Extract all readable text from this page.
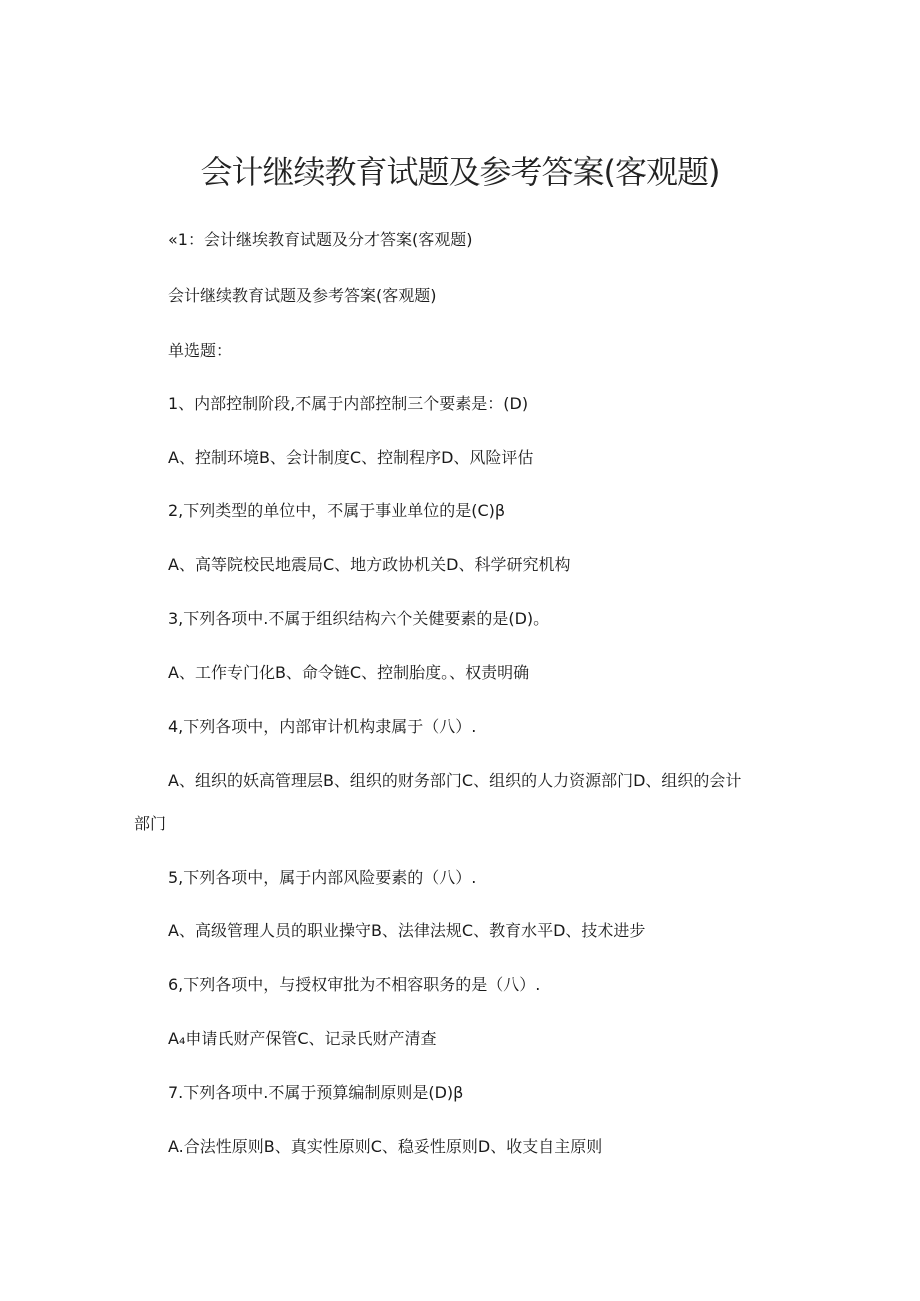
会计继续教育试题及参考答案(客观题)
«1：会计继埃教育试题及分才答案(客观题)
会计继续教育试题及参考答案(客观题)
单选题：
1、内部控制阶段,不属于内部控制三个要素是：(D)
A、控制环境B、会计制度C、控制程序D、风险评估
2,下列类型的单位中，不属于事业单位的是(C)β
A、高等院校民地震局C、地方政协机关D、科学研究机构
3,下列各项中.不属于组织结构六个关健要素的是(D)。
A、工作专门化B、命令链C、控制胎度。、权责明确
4,下列各项中，内部审计机构隶属于（八）.
A、组织的妖高管理层B、组织的财务部门C、组织的人力资源部门D、组织的会计
部门
5,下列各项中，属于内部风险要素的（八）.
A、高级管理人员的职业操守B、法律法规C、教育水平D、技术进步
6,下列各项中，与授权审批为不相容职务的是（八）.
A₄申请氏财产保管C、记录氏财产清查
7.下列各项中.不属于预算编制原则是(D)β
A.合法性原则B、真实性原则C、稳妥性原则D、收支自主原则
